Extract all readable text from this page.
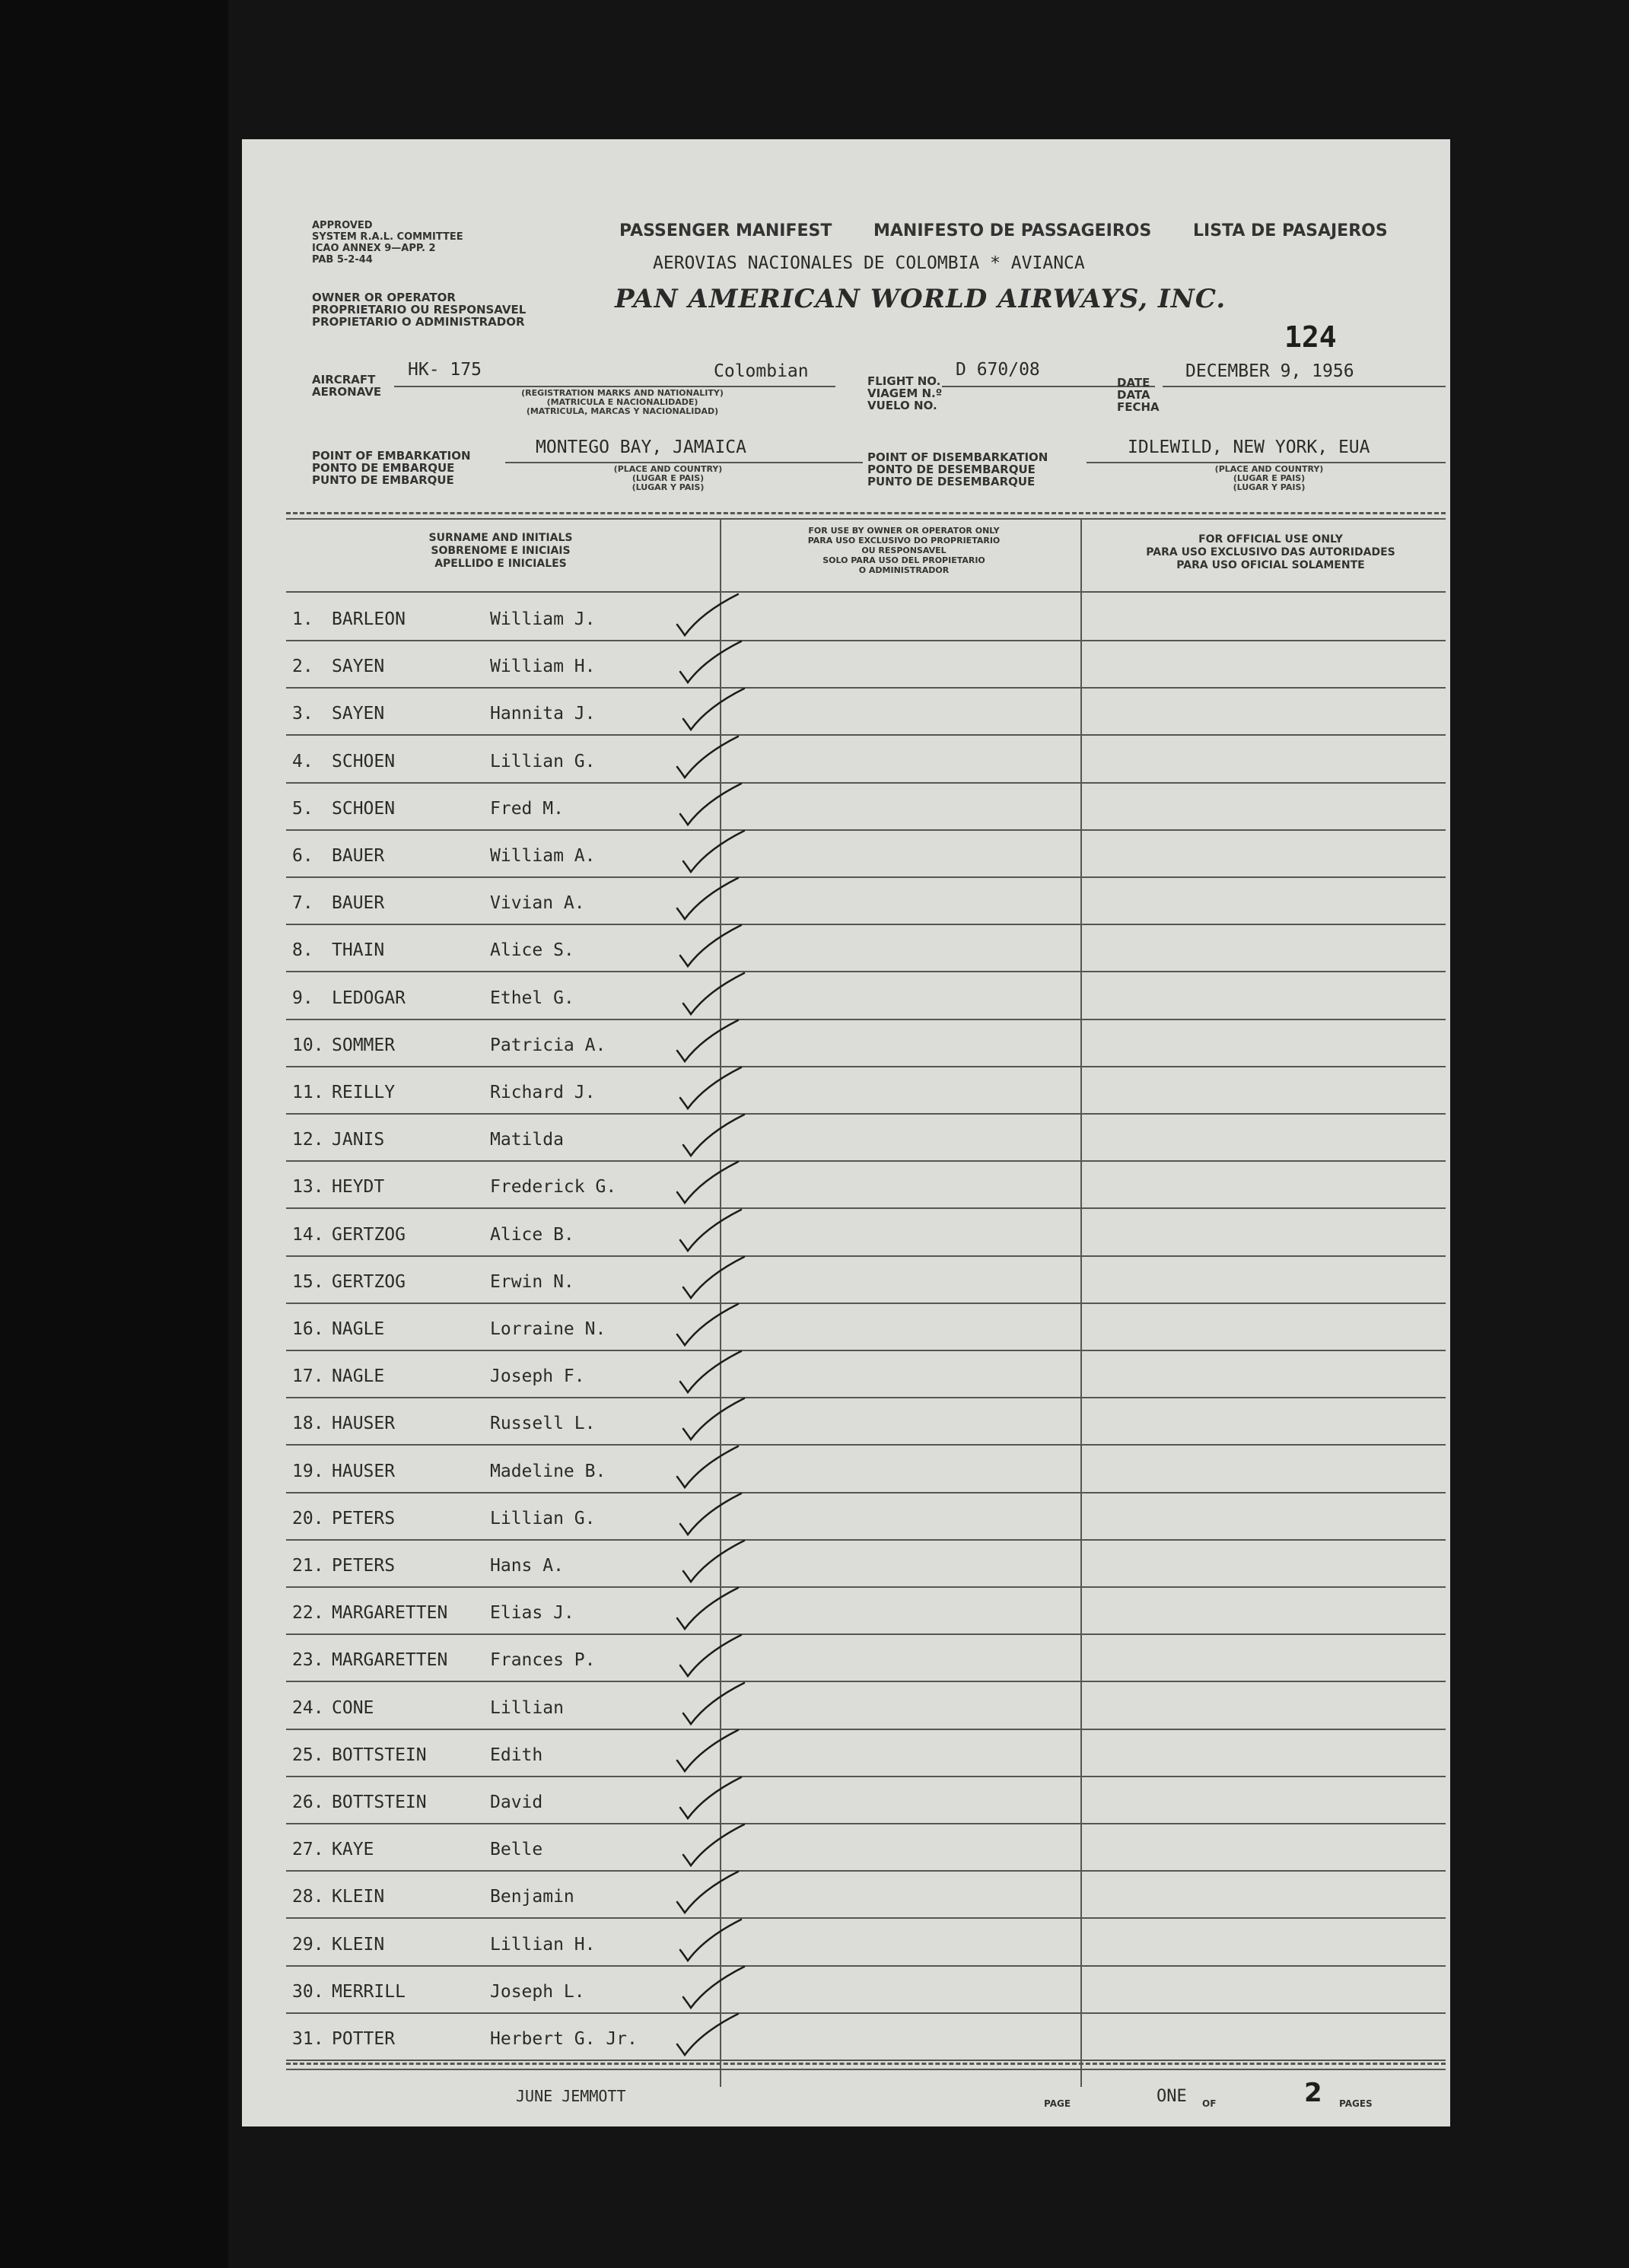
APPROVED
SYSTEM R.A.L. COMMITTEE
ICAO ANNEX 9—APP. 2
PAB 5-2-44
OWNER OR OPERATOR
PROPRIETARIO OU RESPONSAVEL
PROPIETARIO O ADMINISTRADOR
PASSENGER MANIFEST MANIFESTO DE PASSAGEIROS LISTA DE PASAJEROS
AEROVIAS NACIONALES DE COLOMBIA * AVIANCA
PAN AMERICAN WORLD AIRWAYS, INC.
124
AIRCRAFT
AERONAVE
HK- 175	Colombian
(REGISTRATION MARKS AND NATIONALITY)
(MATRICULA E NACIONALIDADE)
(MATRICULA, MARCAS Y NACIONALIDAD)
FLIGHT NO.
VIAGEM N.º
VUELO NO.
D 670/08
DATE
DATA
FECHA
DECEMBER 9, 1956
POINT OF EMBARKATION
PONTO DE EMBARQUE
PUNTO DE EMBARQUE
MONTEGO BAY, JAMAICA
(PLACE AND COUNTRY)
(LUGAR E PAIS)
(LUGAR Y PAIS)
POINT OF DISEMBARKATION
PONTO DE DESEMBARQUE
PUNTO DE DESEMBARQUE
IDLEWILD, NEW YORK, EUA
(PLACE AND COUNTRY)
(LUGAR E PAIS)
(LUGAR Y PAIS)
SURNAME AND INITIALS
SOBRENOME E INICIAIS
APELLIDO E INICIALES
FOR USE BY OWNER OR OPERATOR ONLY
PARA USO EXCLUSIVO DO PROPRIETARIO
OU RESPONSAVEL
SOLO PARA USO DEL PROPIETARIO
O ADMINISTRADOR
FOR OFFICIAL USE ONLY
PARA USO EXCLUSIVO DAS AUTORIDADES
PARA USO OFICIAL SOLAMENTE
JUNE JEMMOTT	PAGE	ONE OF	2 PAGES
1. BARLEON	William J.
2. SAYEN	William H.
3. SAYEN	Hannita J.
4. SCHOEN	Lillian G.
5. SCHOEN	Fred M.
6. BAUER	William A.
7. BAUER	Vivian A.
8. THAIN	Alice S.
9. LEDOGAR	Ethel G.
10. SOMMER	Patricia A.
11. REILLY	Richard J.
12. JANIS	Matilda
13. HEYDT	Frederick G.
14. GERTZOG	Alice B.
15. GERTZOG	Erwin N.
16. NAGLE	Lorraine N.
17. NAGLE	Joseph F.
18. HAUSER	Russell L.
19. HAUSER	Madeline B.
20. PETERS	Lillian G.
21. PETERS	Hans A.
22. MARGARETTEN Elias J.
23. MARGARETTEN Frances P.
24. CONE	Lillian
25. BOTTSTEIN	Edith
26. BOTTSTEIN	David
27. KAYE	Belle
28. KLEIN	Benjamin
29. KLEIN	Lillian H.
30. MERRILL	Joseph L.
31. POTTER	Herbert G. Jr.
